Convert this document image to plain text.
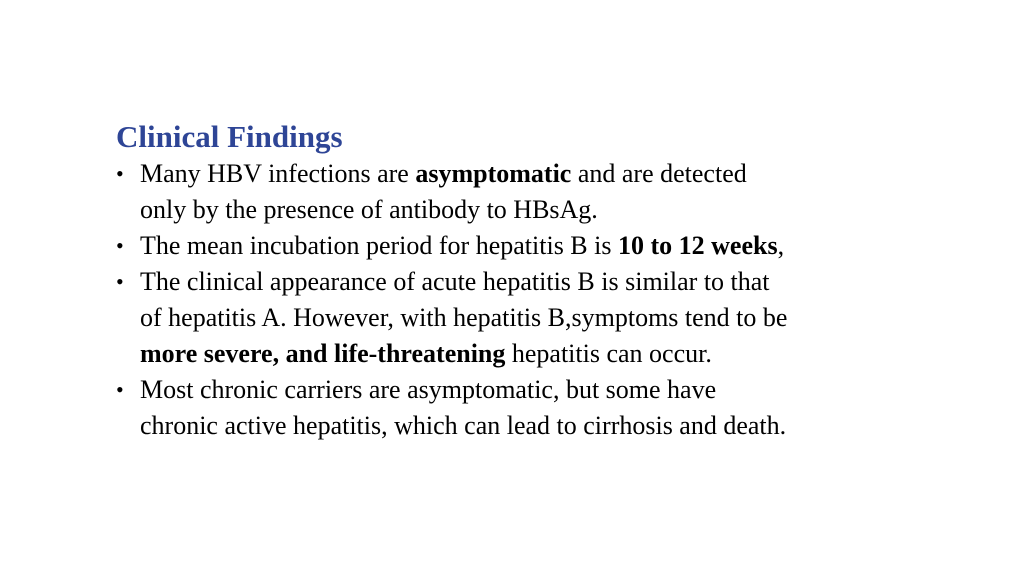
Clinical Findings
• Many HBV infections are asymptomatic and are detected
only by the presence of antibody to HBsAg.
• The mean incubation period for hepatitis B is 10 to 12 weeks,
• The clinical appearance of acute hepatitis B is similar to that
of hepatitis A. However, with hepatitis B,symptoms tend to be
more severe, and life-threatening hepatitis can occur.
• Most chronic carriers are asymptomatic, but some have
chronic active hepatitis, which can lead to cirrhosis and death.
